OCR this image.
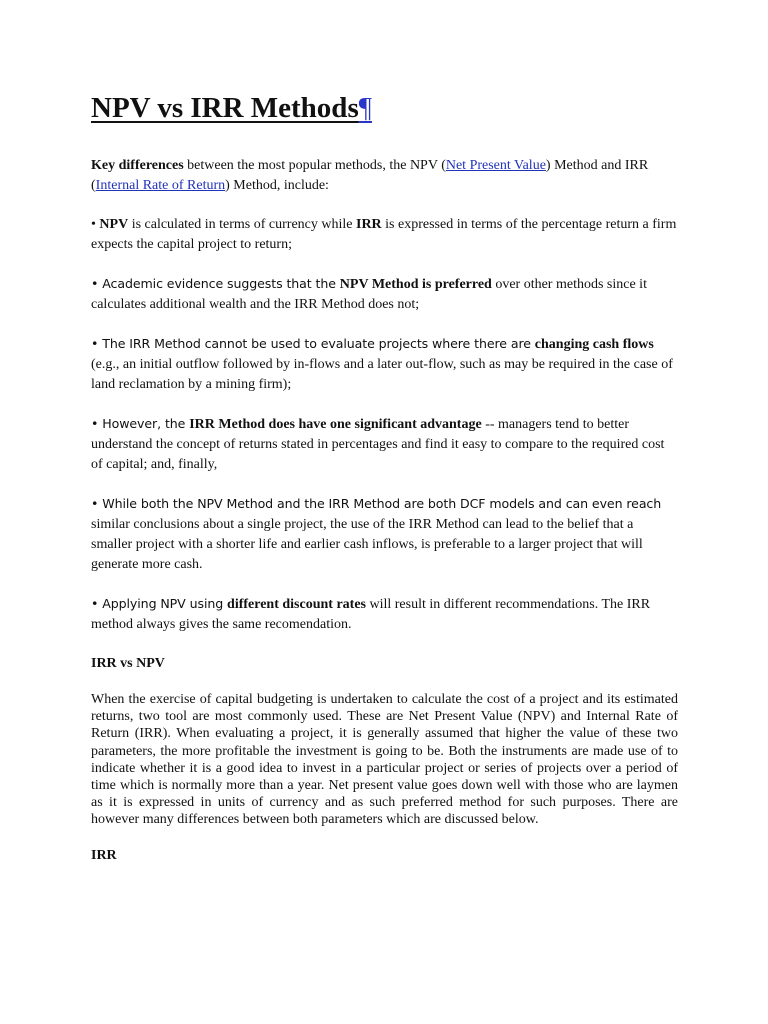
NPV vs IRR Methods¶

Key differences between the most popular methods, the NPV (Net Present Value) Method and IRR (Internal Rate of Return) Method, include:

• NPV is calculated in terms of currency while IRR is expressed in terms of the percentage return a firm expects the capital project to return;

• Academic evidence suggests that the NPV Method is preferred over other methods since it calculates additional wealth and the IRR Method does not;

• The IRR Method cannot be used to evaluate projects where there are changing cash flows (e.g., an initial outflow followed by in-flows and a later out-flow, such as may be required in the case of land reclamation by a mining firm);

• However, the IRR Method does have one significant advantage -- managers tend to better understand the concept of returns stated in percentages and find it easy to compare to the required cost of capital; and, finally,

• While both the NPV Method and the IRR Method are both DCF models and can even reach similar conclusions about a single project, the use of the IRR Method can lead to the belief that a smaller project with a shorter life and earlier cash inflows, is preferable to a larger project that will generate more cash.

• Applying NPV using different discount rates will result in different recommendations. The IRR method always gives the same recomendation.

IRR vs NPV

When the exercise of capital budgeting is undertaken to calculate the cost of a project and its estimated returns, two tool are most commonly used. These are Net Present Value (NPV) and Internal Rate of Return (IRR). When evaluating a project, it is generally assumed that higher the value of these two parameters, the more profitable the investment is going to be. Both the instruments are made use of to indicate whether it is a good idea to invest in a particular project or series of projects over a period of time which is normally more than a year. Net present value goes down well with those who are laymen as it is expressed in units of currency and as such preferred method for such purposes. There are however many differences between both parameters which are discussed below.

IRR
